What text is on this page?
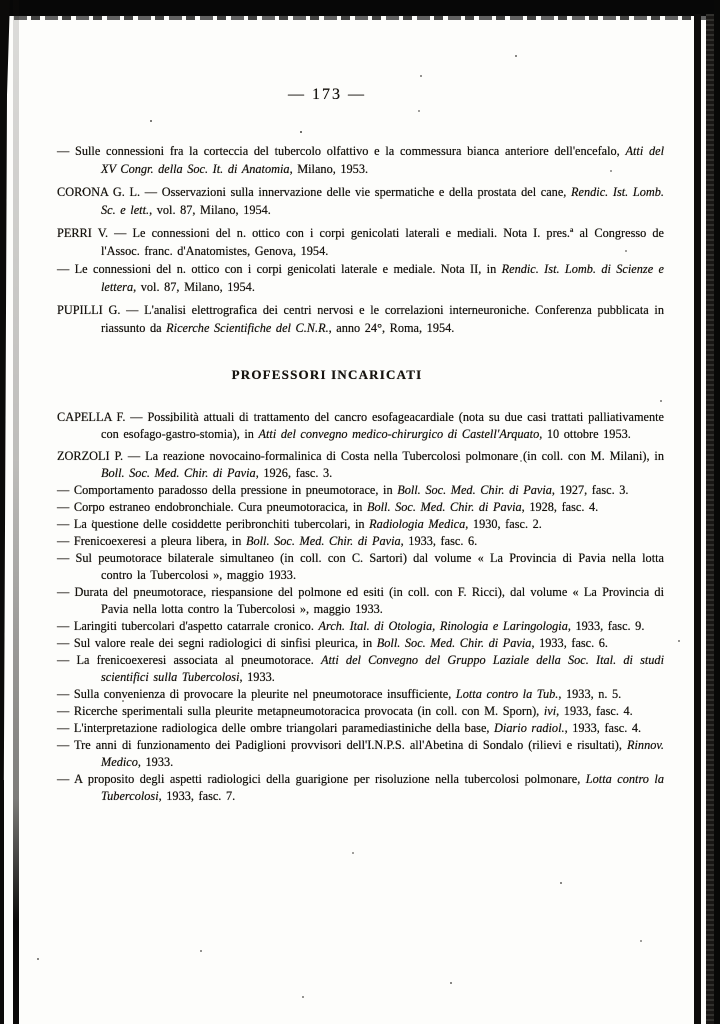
— 173 —

— Sulle connessioni fra la corteccia del tubercolo olfattivo e la commessura bianca anteriore dell'encefalo, Atti del XV Congr. della Soc. It. di Anatomia, Milano, 1953.

CORONA G. L. — Osservazioni sulla innervazione delle vie spermatiche e della prostata del cane, Rendic. Ist. Lomb. Sc. e lett., vol. 87, Milano, 1954.

PERRI V. — Le connessioni del n. ottico con i corpi genicolati laterali e mediali. Nota I. pres.ª al Congresso de l'Assoc. franc. d'Anatomistes, Genova, 1954.

— Le connessioni del n. ottico con i corpi genicolati laterale e mediale. Nota II, in Rendic. Ist. Lomb. di Scienze e lettera, vol. 87, Milano, 1954.

PUPILLI G. — L'analisi elettrografica dei centri nervosi e le correlazioni interneuroniche. Conferenza pubblicata in riassunto da Ricerche Scientifiche del C.N.R., anno 24°, Roma, 1954.

PROFESSORI INCARICATI

CAPELLA F. — Possibilità attuali di trattamento del cancro esofageacardiale (nota su due casi trattati palliativamente con esofago-gastro-stomia), in Atti del convegno medico-chirurgico di Castell'Arquato, 10 ottobre 1953.

ZORZOLI P. — La reazione novocaino-formalinica di Costa nella Tubercolosi polmonare (in coll. con M. Milani), in Boll. Soc. Med. Chir. di Pavia, 1926, fasc. 3.

— Comportamento paradosso della pressione in pneumotorace, in Boll. Soc. Med. Chir. di Pavia, 1927, fasc. 3.

— Corpo estraneo endobronchiale. Cura pneumotoracica, in Boll. Soc. Med. Chir. di Pavia, 1928, fasc. 4.

— La questione delle cosiddette peribronchiti tubercolari, in Radiologia Medica, 1930, fasc. 2.

— Frenicoexeresi a pleura libera, in Boll. Soc. Med. Chir. di Pavia, 1933, fasc. 6.

— Sul peumotorace bilaterale simultaneo (in coll. con C. Sartori) dal volume « La Provincia di Pavia nella lotta contro la Tubercolosi », maggio 1933.

— Durata del pneumotorace, riespansione del polmone ed esiti (in coll. con F. Ricci), dal volume « La Provincia di Pavia nella lotta contro la Tubercolosi », maggio 1933.

— Laringiti tubercolari d'aspetto catarrale cronico. Arch. Ital. di Otologia, Rinologia e Laringologia, 1933, fasc. 9.

— Sul valore reale dei segni radiologici di sinfisi pleurica, in Boll. Soc. Med. Chir. di Pavia, 1933, fasc. 6.

— La frenicoexeresi associata al pneumotorace. Atti del Convegno del Gruppo Laziale della Soc. Ital. di studi scientifici sulla Tubercolosi, 1933.

— Sulla convenienza di provocare la pleurite nel pneumotorace insufficiente, Lotta contro la Tub., 1933, n. 5.

— Ricerche sperimentali sulla pleurite metapneumotoracica provocata (in coll. con M. Sporn), ivi, 1933, fasc. 4.

— L'interpretazione radiologica delle ombre triangolari paramediastiniche della base, Diario radiol., 1933, fasc. 4.

— Tre anni di funzionamento dei Padiglioni provvisori dell'I.N.P.S. all'Abetina di Sondalo (rilievi e risultati), Rinnov. Medico, 1933.

— A proposito degli aspetti radiologici della guarigione per risoluzione nella tubercolosi polmonare, Lotta contro la Tubercolosi, 1933, fasc. 7.
